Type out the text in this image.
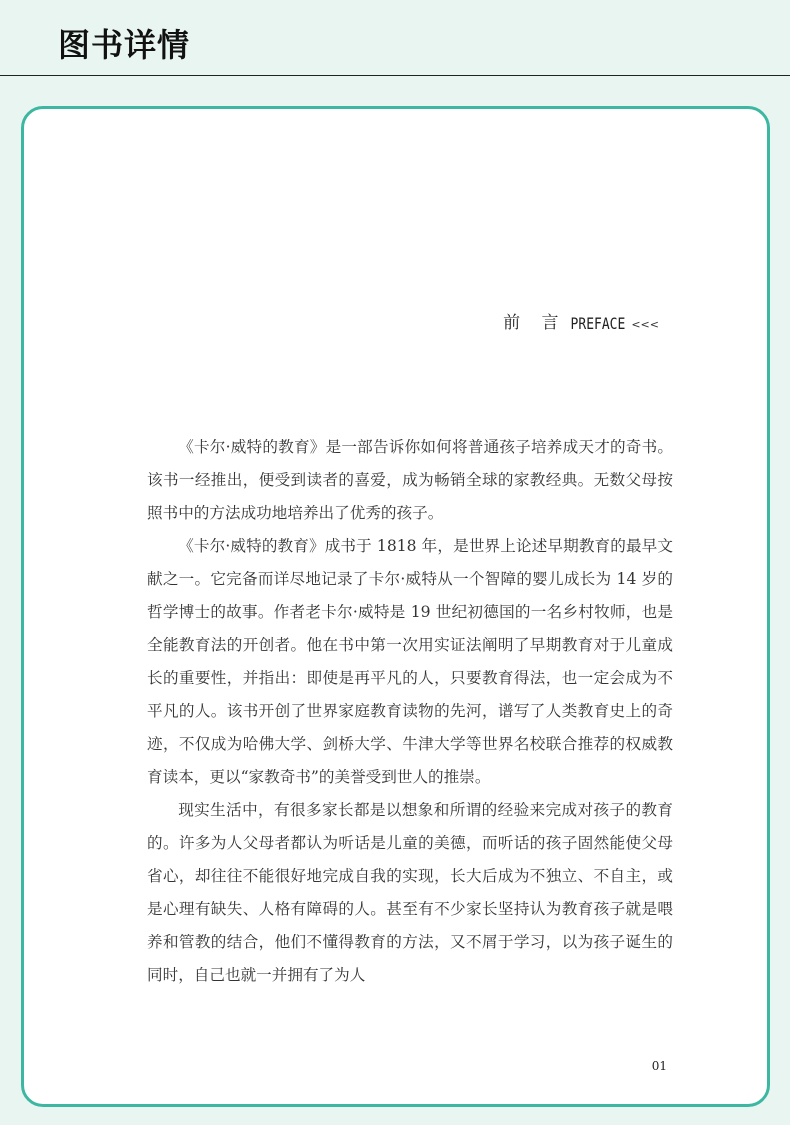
图书详情
前 言 PREFACE <<<

《卡尔·威特的教育》是一部告诉你如何将普通孩子培养成天才的奇书。该书一经推出，便受到读者的喜爱，成为畅销全球的家教经典。无数父母按照书中的方法成功地培养出了优秀的孩子。

《卡尔·威特的教育》成书于 1818 年，是世界上论述早期教育的最早文献之一。它完备而详尽地记录了卡尔·威特从一个智障的婴儿成长为 14 岁的哲学博士的故事。作者老卡尔·威特是 19 世纪初德国的一名乡村牧师，也是全能教育法的开创者。他在书中第一次用实证法阐明了早期教育对于儿童成长的重要性，并指出：即使是再平凡的人，只要教育得法，也一定会成为不平凡的人。该书开创了世界家庭教育读物的先河，谱写了人类教育史上的奇迹，不仅成为哈佛大学、剑桥大学、牛津大学等世界名校联合推荐的权威教育读本，更以“家教奇书”的美誉受到世人的推崇。

现实生活中，有很多家长都是以想象和所谓的经验来完成对孩子的教育的。许多为人父母者都认为听话是儿童的美德，而听话的孩子固然能使父母省心，却往往不能很好地完成自我的实现，长大后成为不独立、不自主，或是心理有缺失、人格有障碍的人。甚至有不少家长坚持认为教育孩子就是喂养和管教的结合，他们不懂得教育的方法，又不屑于学习，以为孩子诞生的同时，自己也就一并拥有了为人

01
